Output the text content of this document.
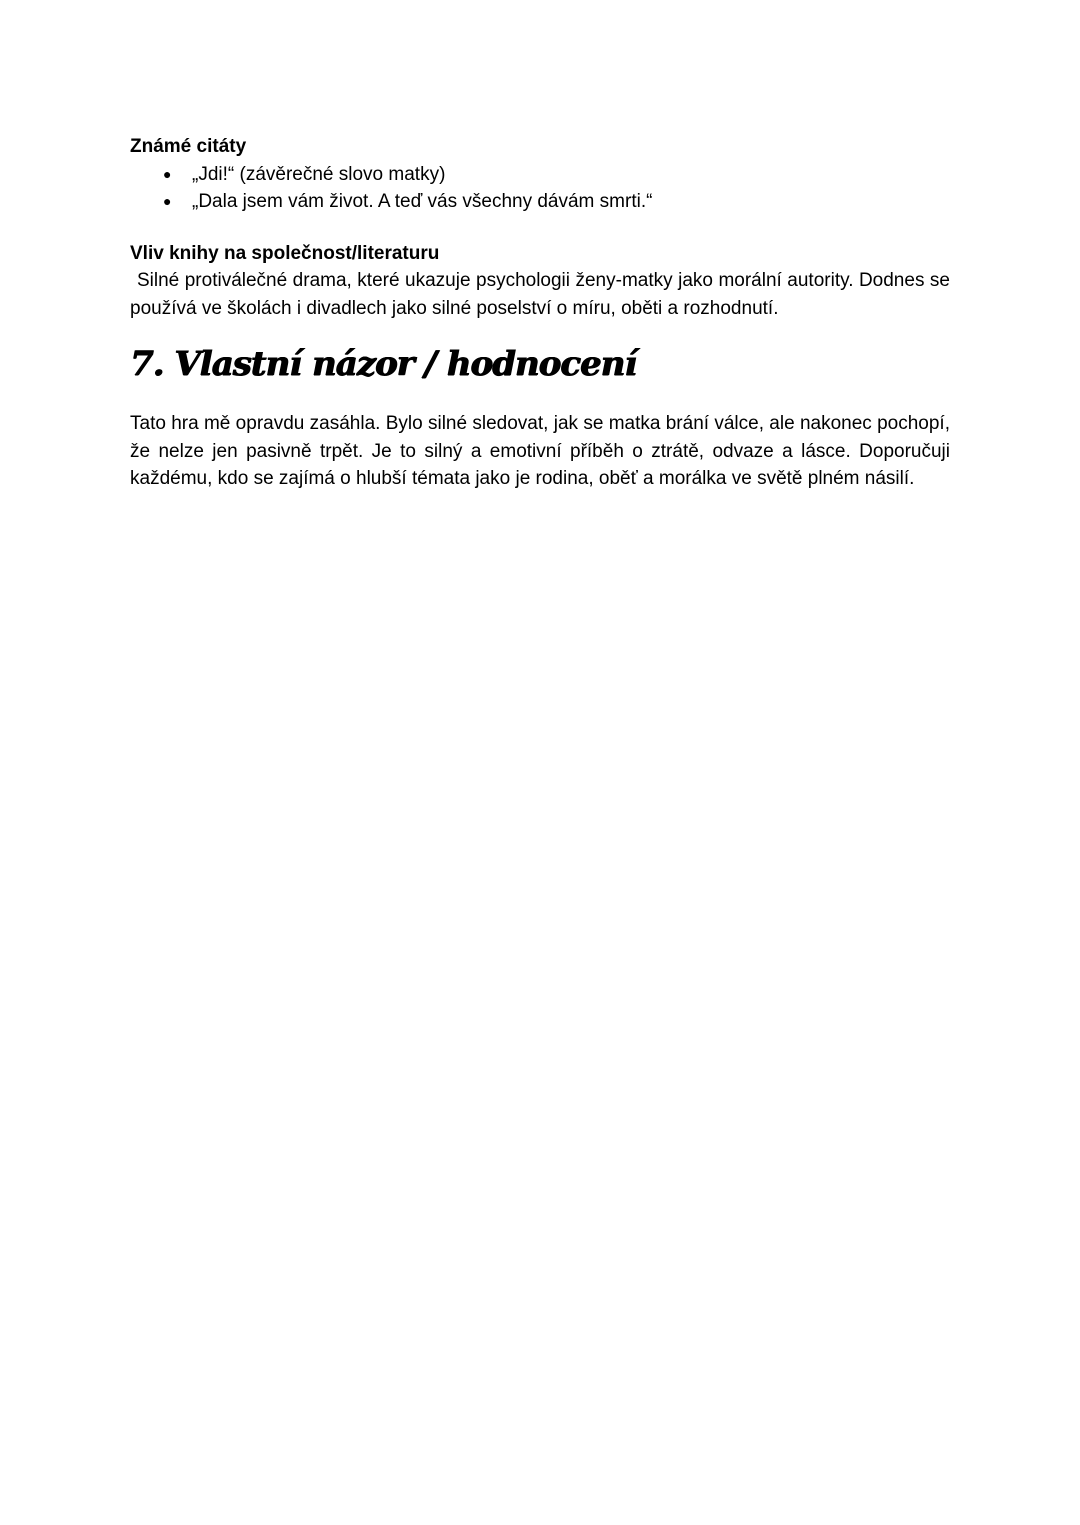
Známé citáty
● „Jdi!“ (závěrečné slovo matky)
● „Dala jsem vám život. A teď vás všechny dávám smrti.“
Vliv knihy na společnost/literaturu

Silné protiválečné drama, které ukazuje psychologii ženy-matky jako morální autority. Dodnes se používá ve školách i divadlech jako silné poselství o míru, oběti a rozhodnutí.

7. Vlastní názor / hodnocení

Tato hra mě opravdu zasáhla. Bylo silné sledovat, jak se matka brání válce, ale nakonec pochopí, že nelze jen pasivně trpět. Je to silný a emotivní příběh o ztrátě, odvaze a lásce. Doporučuji každému, kdo se zajímá o hlubší témata jako je rodina, oběť a morálka ve světě plném násilí.
